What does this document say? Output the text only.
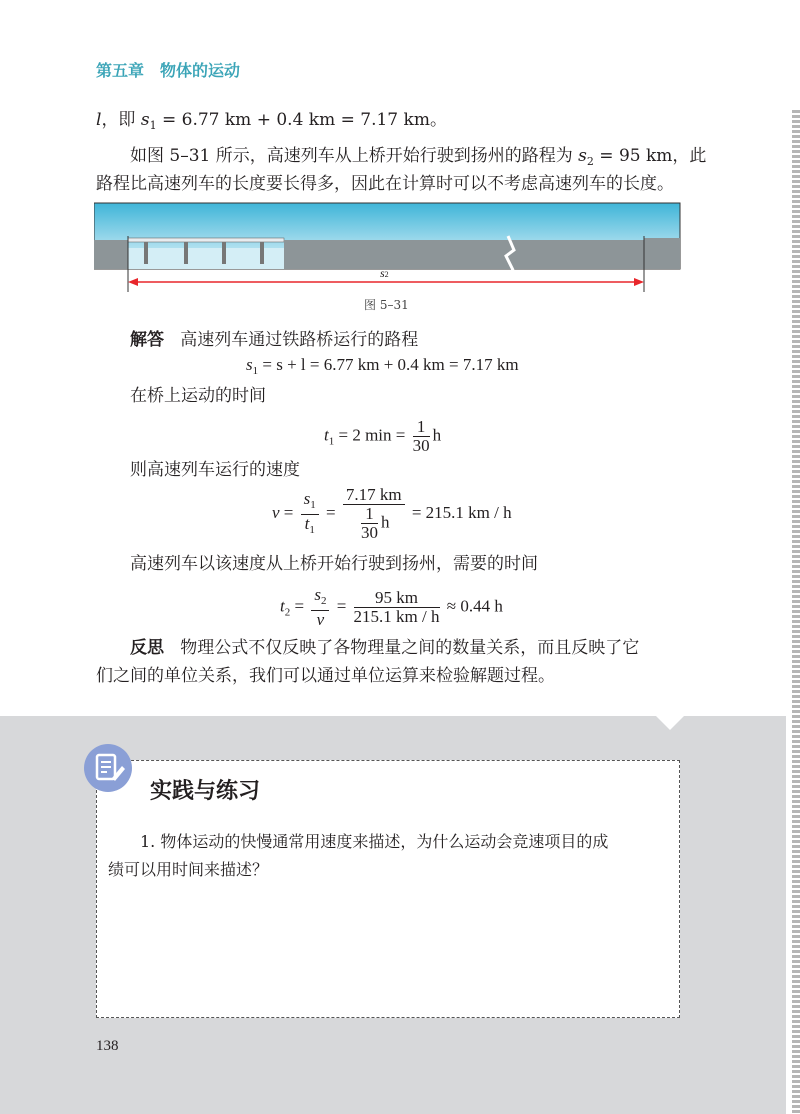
第五章　物体的运动
l，即 $s_1 = 6.77$ km + 0.4 km = 7.17 km。
如图 5–31 所示，高速列车从上桥开始行驶到扬州的路程为 $s_2 = 95$ km，此
路程比高速列车的长度要长得多，因此在计算时可以不考虑高速列车的长度。
s2
图 5–31
解答 高速列车通过铁路桥运行的路程
$s_1 = s + l = 6.77$ km + 0.4 km = 7.17 km
在桥上运动的时间
$t_1 = 2$ $\min = \frac{1}{30}$ h
则高速列车运行的速度
$v = \frac{s_1}{t_1} = \frac{7.17 km}{\frac{1}{30} h} = 215.1$ km / h
高速列车以该速度从上桥开始行驶到扬州，需要的时间
$t_2 = \frac{s_2}{v} = \frac{95 km}{215.1 km / h} \approx 0.44$ h
反思 物理公式不仅反映了各物理量之间的数量关系，而且反映了它
们之间的单位关系，我们可以通过单位运算来检验解题过程。
实践与练习
1. 物体运动的快慢通常用速度来描述，为什么运动会竞速项目的成
绩可以用时间来描述？
138
